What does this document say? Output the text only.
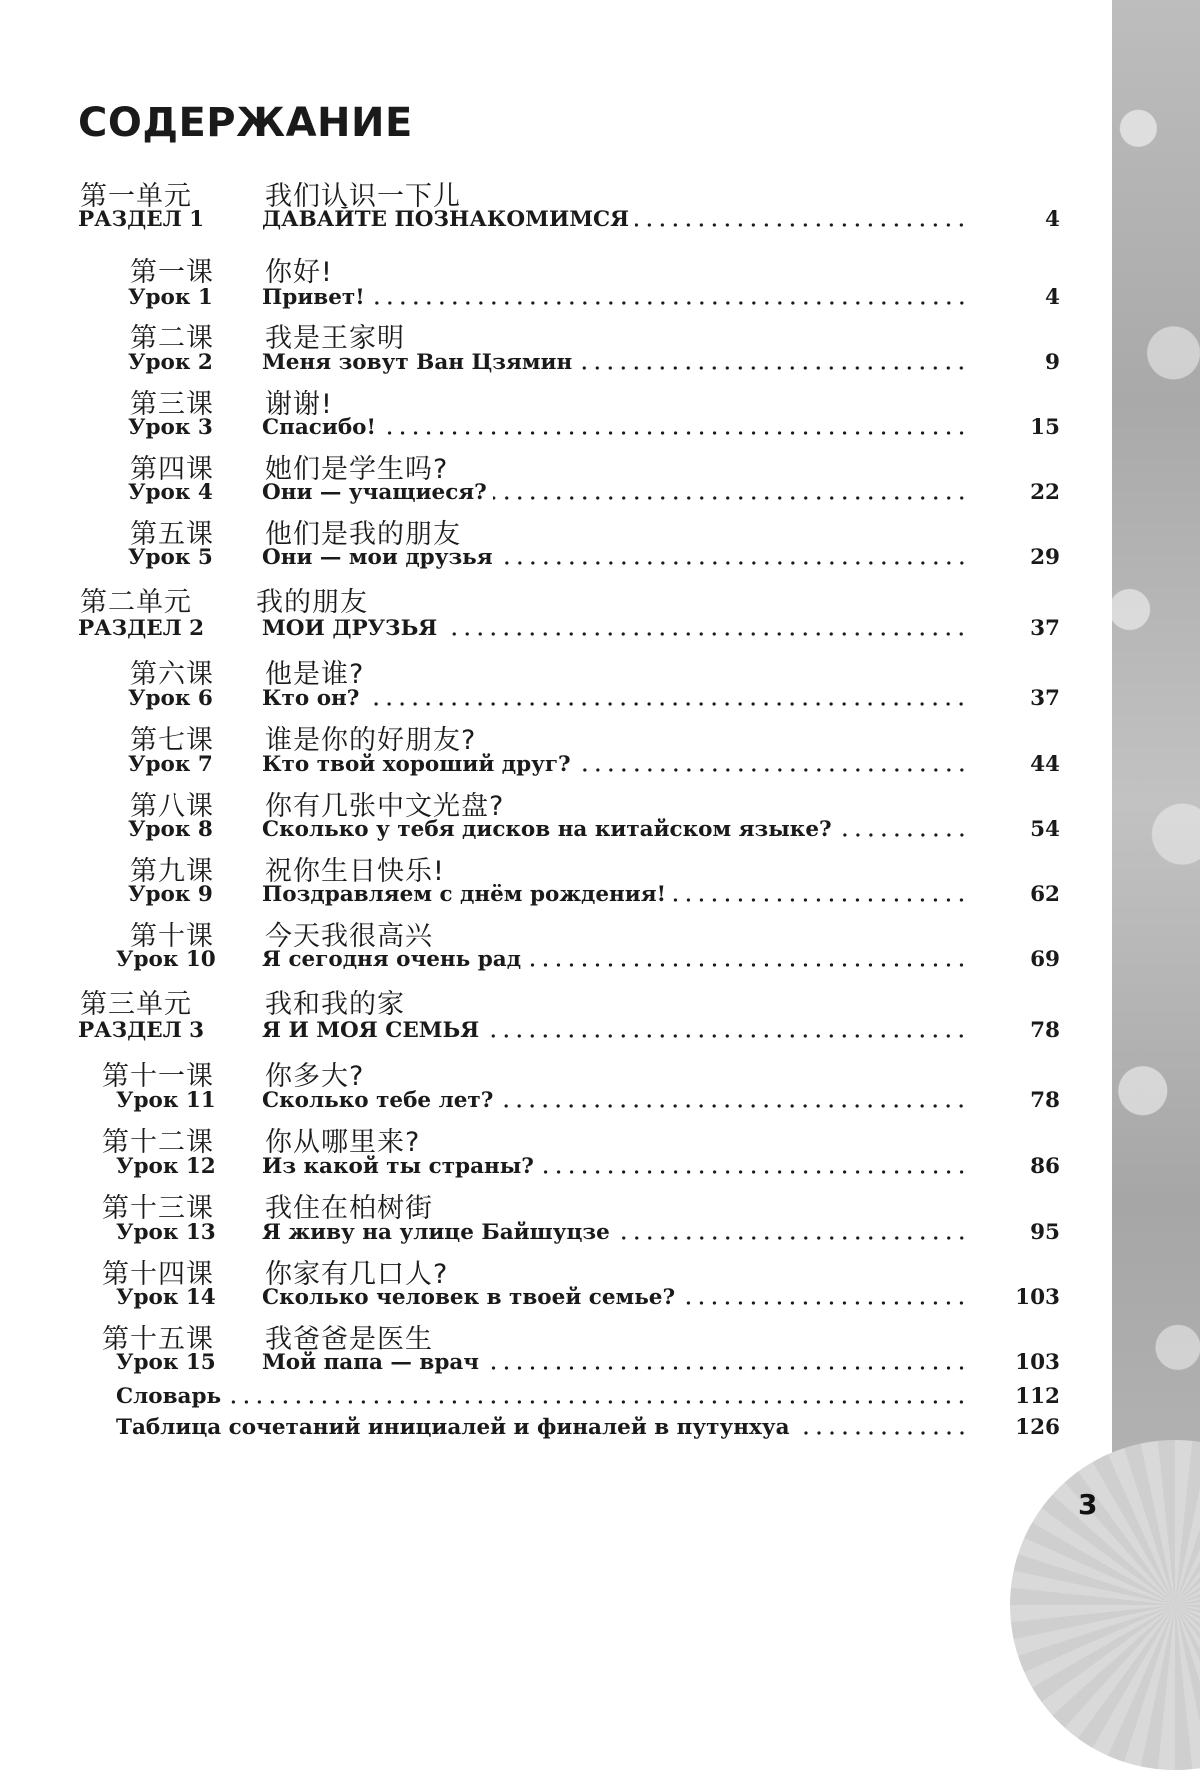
3
СОДЕРЖАНИЕ
第一单元	我们认识一下儿
РАЗДЕЛ 1	ДАВАЙТЕ ПОЗНАКОМИМСЯ	4
第一课 你好!
Урок 1 Привет!	4
第二课 我是王家明
Урок 2 Меня зовут Ван Цзямин	9
第三课 谢谢!
Урок 3 Спасибо!	15
第四课 她们是学生吗?
Урок 4 Они — учащиеся?	22
第五课 他们是我的朋友
Урок 5 Они — мои друзья	29
第二单元 我的朋友
РАЗДЕЛ 2	МОИ ДРУЗЬЯ	37
第六课 他是谁?
Урок 6 Кто он?	37
第七课 谁是你的好朋友?
Урок 7 Кто твой хороший друг?	44
第八课 你有几张中文光盘?
Урок 8 Сколько у тебя дисков на китайском языке?	54
第九课 祝你生日快乐!
Урок 9 Поздравляем с днём рождения!	62
第十课 今天我很高兴
Урок 10 Я сегодня очень рад	69
第三单元	我和我的家
РАЗДЕЛ 3	Я И МОЯ СЕМЬЯ	78
第十一课 你多大?
Урок 11 Сколько тебе лет?	78
第十二课 你从哪里来?
Урок 12 Из какой ты страны?	86
第十三课 我住在柏树街
Урок 13 Я живу на улице Байшуцзе	95
第十四课 你家有几口人?
Урок 14 Сколько человек в твоей семье?	103
第十五课 我爸爸是医生
Урок 15 Мой папа — врач	103
Словарь	112
Таблица сочетаний инициалей и финалей в путунхуа	126
